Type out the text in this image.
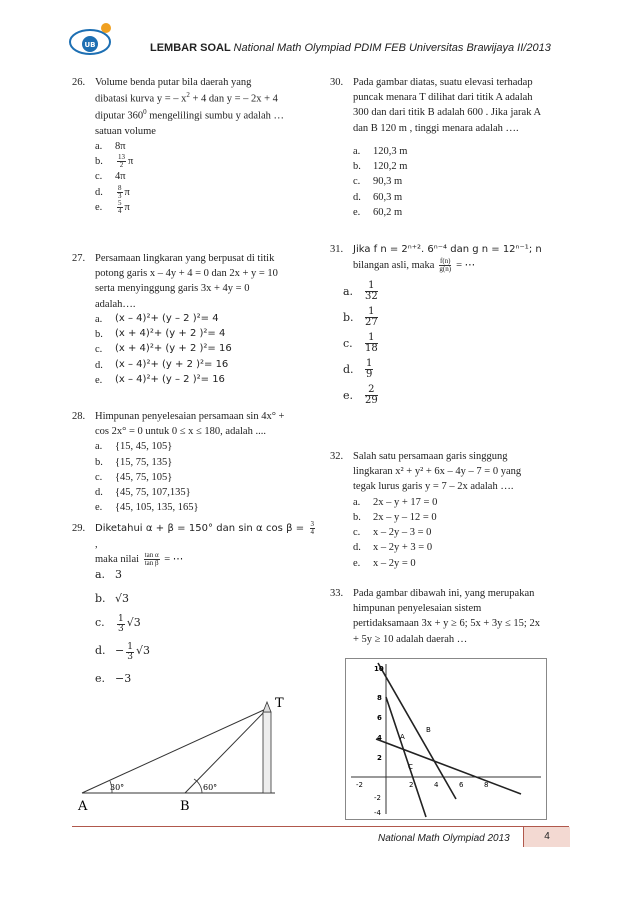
UB	LEMBAR SOAL National Math Olympiad PDIM FEB Universitas Brawijaya II/2013
26. Volume benda putar bila daerah yang
dibatasi kurva y = – $x^2 + 4$ dan y = – 2x + 4
diputar $360^0$ mengelilingi sumbu y adalah …
satuan volume
a.	8π
b.	$\frac{13}{2}$ π
c.	4π
d.	$\frac{8}{3}$ π
e.	$\frac{5}{4}$ π
27. Persamaan lingkaran yang berpusat di titik
potong garis x – 4y + 4 = 0 dan 2x + y = 10
serta menyinggung garis 3x + 4y = 0
adalah….
a.	(x – 4)²+ (y – 2 )²= 4
b.	(x + 4)²+ (y + 2 )²= 4
c.	(x + 4)²+ (y + 2 )²= 16
d.	(x – 4)²+ (y + 2 )²= 16
e.	(x – 4)²+ (y – 2 )²= 16
28. Himpunan penyelesaian persamaan sin 4x° +
cos 2x° = 0 untuk 0 ≤ x ≤ 180, adalah ....
a.	{15, 45, 105}
b.	{15, 75, 135}
c.	{45, 75, 105}
d.	{45, 75, 107,135}
e.	{45, 105, 135, 165}
29. Diketahui α + β = 150° dan sin α $\cos \beta = \frac{3}{4}$
,
maka nilai $\frac{\text{tan α}}{\text{tan β}}$ = ⋯
a. 3
b. √3
c.	$\frac{1}{3} √3$
d. − $\frac{1}{3} √3$
e. −3
30°	60°
A	B
T
30. Pada gambar diatas, suatu elevasi terhadap
puncak menara T dilihat dari titik A adalah
300 dan dari titik B adalah 600 . Jika jarak A
dan B 120 m , tinggi menara adalah ….
a.	120,3 m
b.	120,2 m
c.	90,3 m
d.	60,3 m
e.	60,2 m
31. Jika f n = 2ⁿ⁺². 6ⁿ⁻⁴ dan g n = 12ⁿ⁻¹; n
bilangan asli, maka $\frac{f(n)}{g(n)}$ = ⋯
a.	$\frac{1}{32}$
b.	$\frac{1}{27}$
c.	$\frac{1}{18}$
d.	$\frac{1}{9}$
e.	$\frac{2}{29}$
32. Salah satu persamaan garis singgung
lingkaran x² + y² + 6x – 4y – 7 = 0 yang
tegak lurus garis y = 7 – 2x adalah ….
a.	2x – y + 17 = 0
b.	2x – y – 12 = 0
c.	x – 2y – 3 = 0
d.	x – 2y + 3 = 0
e.	x – 2y = 0
33. Pada gambar dibawah ini, yang merupakan
himpunan penyelesaian sistem
pertidaksamaan 3x + y ≥ 6; 5x + 3y ≤ 15; 2x
+ 5y ≥ 10 adalah daerah …
10
8
6
4
2
-2
-4
-2	2	4	6	8
A
B
C
National Math Olympiad 2013	4
